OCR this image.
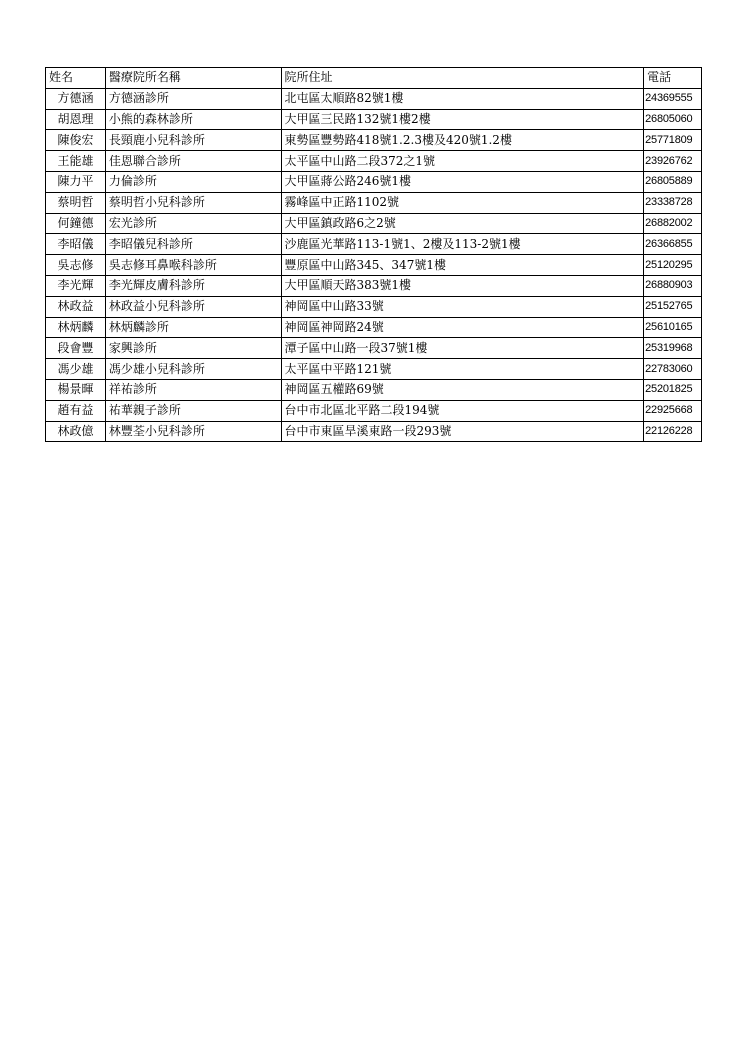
姓名	醫療院所名稱	院所住址	電話
方德涵	方德涵診所	北屯區太順路82號1樓	24369555
胡恩理	小熊的森林診所	大甲區三民路132號1樓2樓	26805060
陳俊宏	長頸鹿小兒科診所	東勢區豐勢路418號1.2.3樓及420號1.2樓	25771809
王能雄	佳恩聯合診所	太平區中山路二段372之1號	23926762
陳力平	力倫診所	大甲區蔣公路246號1樓	26805889
蔡明哲	蔡明哲小兒科診所	霧峰區中正路1102號	23338728
何鐘德	宏光診所	大甲區鎮政路6之2號	26882002
李昭儀	李昭儀兒科診所	沙鹿區光華路113-1號1、2樓及113-2號1樓	26366855
吳志修	吳志修耳鼻喉科診所	豐原區中山路345、347號1樓	25120295
李光輝	李光輝皮膚科診所	大甲區順天路383號1樓	26880903
林政益	林政益小兒科診所	神岡區中山路33號	25152765
林炳麟	林炳麟診所	神岡區神岡路24號	25610165
段會豐	家興診所	潭子區中山路一段37號1樓	25319968
馮少雄	馮少雄小兒科診所	太平區中平路121號	22783060
楊景暉	祥祐診所	神岡區五權路69號	25201825
趙有益	祐華親子診所	台中市北區北平路二段194號	22925668
林政億	林豐荃小兒科診所	台中市東區旱溪東路一段293號	22126228
